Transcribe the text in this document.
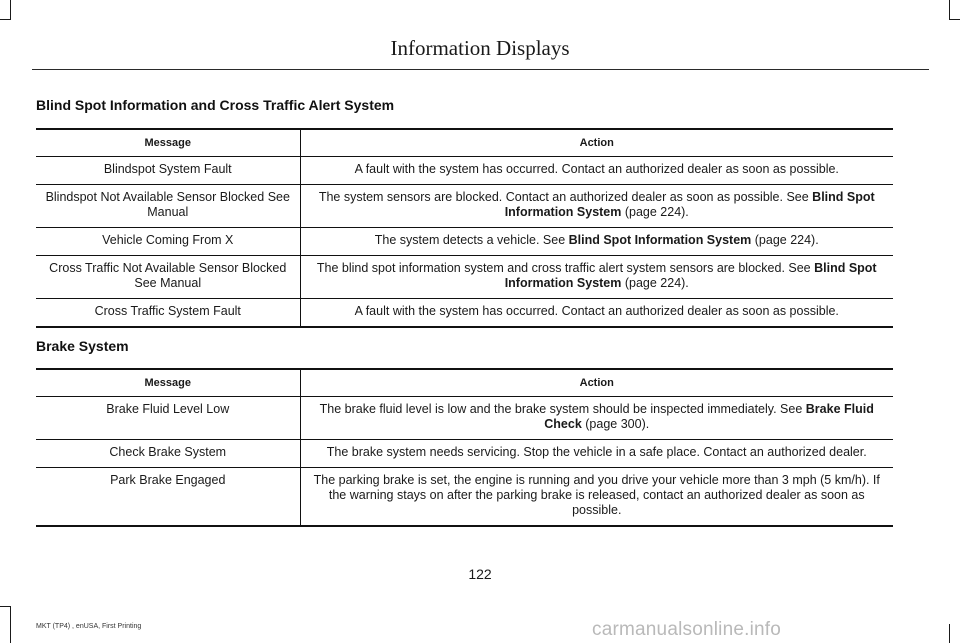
Information Displays
Blind Spot Information and Cross Traffic Alert System
Message	Action
Blindspot System Fault	A fault with the system has occurred. Contact an authorized dealer as soon as possible.
Blindspot Not Available Sensor Blocked See Manual	The system sensors are blocked. Contact an authorized dealer as soon as possible. See Blind Spot Information System (page 224).
Vehicle Coming From X	The system detects a vehicle. See Blind Spot Information System (page 224).
Cross Traffic Not Available Sensor Blocked See Manual	The blind spot information system and cross traffic alert system sensors are blocked. See Blind Spot Information System (page 224).
Cross Traffic System Fault	A fault with the system has occurred. Contact an authorized dealer as soon as possible.
Brake System
Message	Action
Brake Fluid Level Low	The brake fluid level is low and the brake system should be inspected immediately. See Brake Fluid Check (page 300).
Check Brake System	The brake system needs servicing. Stop the vehicle in a safe place. Contact an authorized dealer.
Park Brake Engaged	The parking brake is set, the engine is running and you drive your vehicle more than 3 mph (5 km/h). If the warning stays on after the parking brake is released, contact an authorized dealer as soon as possible.
122
MKT (TP4) , enUSA, First Printing	carmanualsonline.info
